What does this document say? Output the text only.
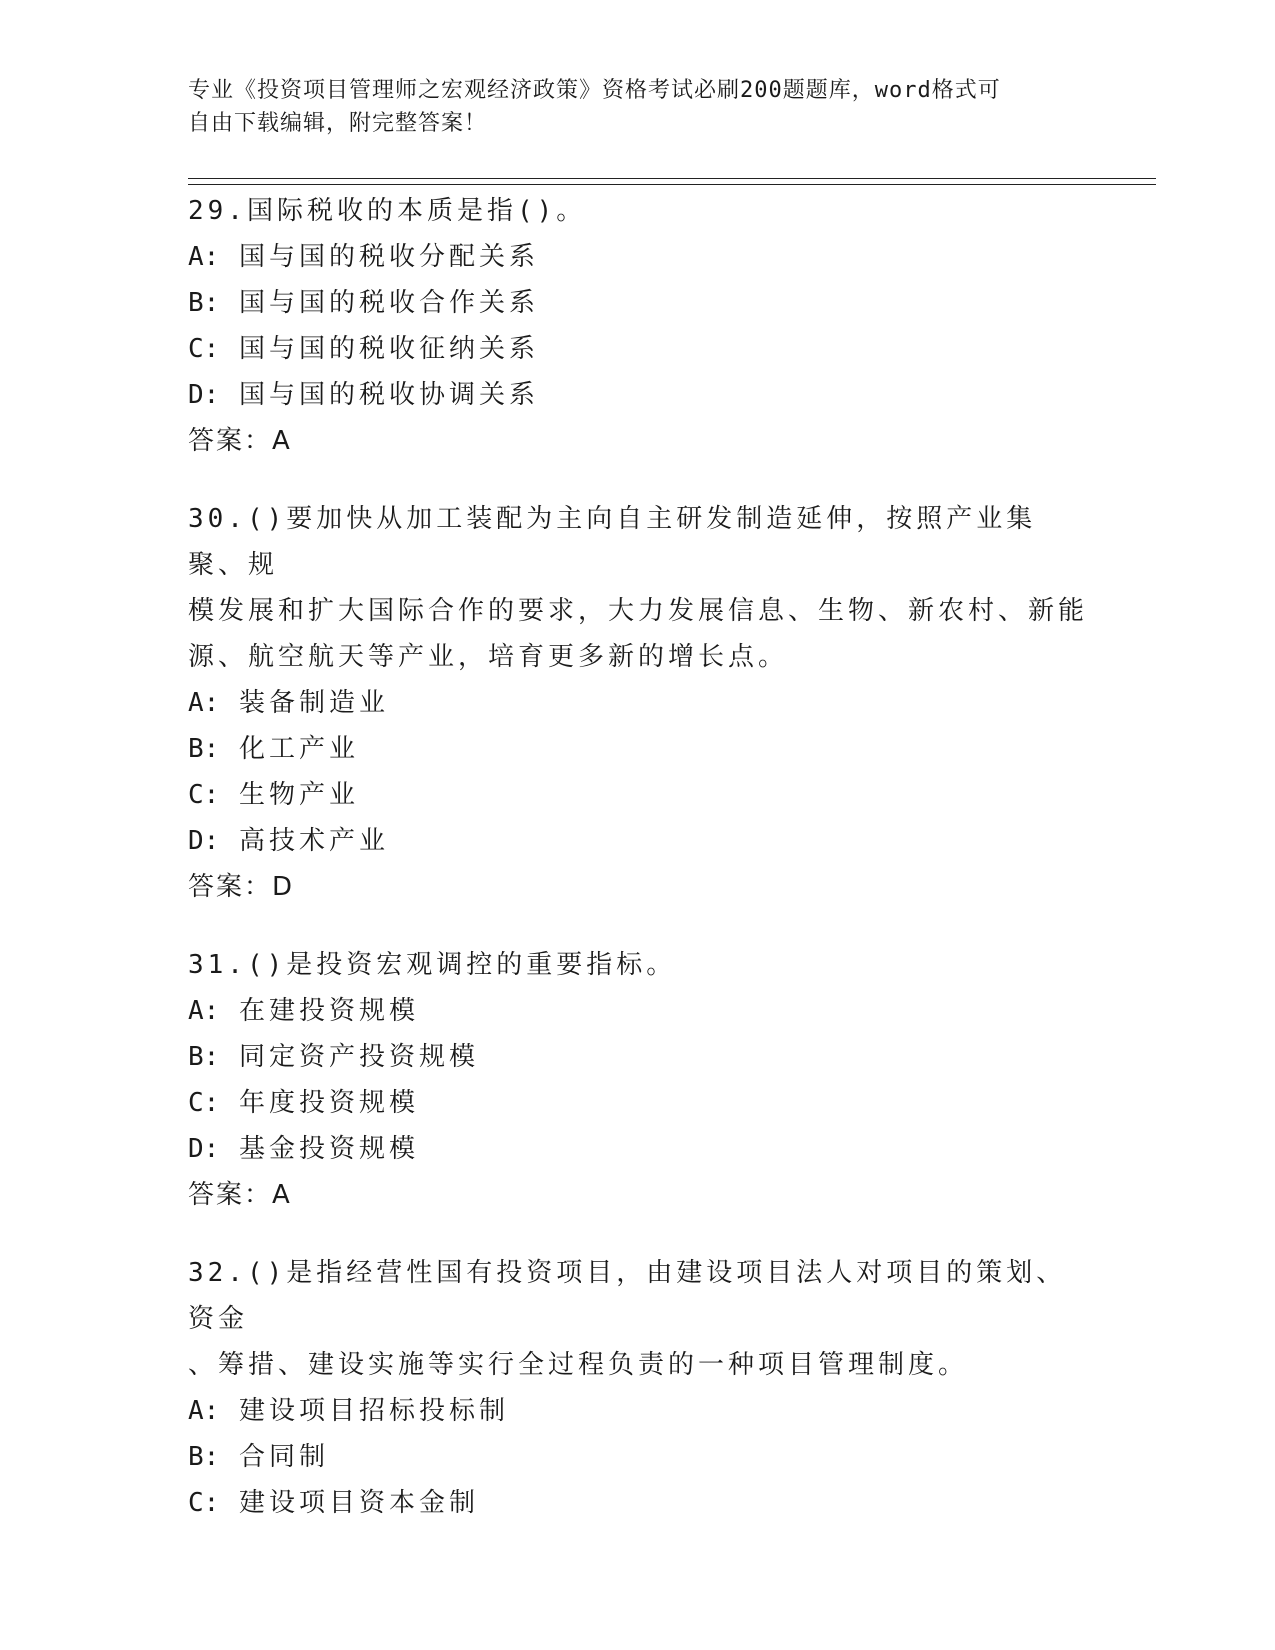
专业《投资项目管理师之宏观经济政策》资格考试必刷200题题库，word格式可
自由下载编辑，附完整答案！
29.国际税收的本质是指()。
A: 国与国的税收分配关系
B: 国与国的税收合作关系
C: 国与国的税收征纳关系
D: 国与国的税收协调关系
答案：A
30.()要加快从加工装配为主向自主研发制造延伸，按照产业集聚、规
模发展和扩大国际合作的要求，大力发展信息、生物、新农村、新能
源、航空航天等产业，培育更多新的增长点。
A: 装备制造业
B: 化工产业
C: 生物产业
D: 高技术产业
答案：D
31.()是投资宏观调控的重要指标。
A: 在建投资规模
B: 同定资产投资规模
C: 年度投资规模
D: 基金投资规模
答案：A
32.()是指经营性国有投资项目，由建设项目法人对项目的策划、资金
、筹措、建设实施等实行全过程负责的一种项目管理制度。
A: 建设项目招标投标制
B: 合同制
C: 建设项目资本金制
